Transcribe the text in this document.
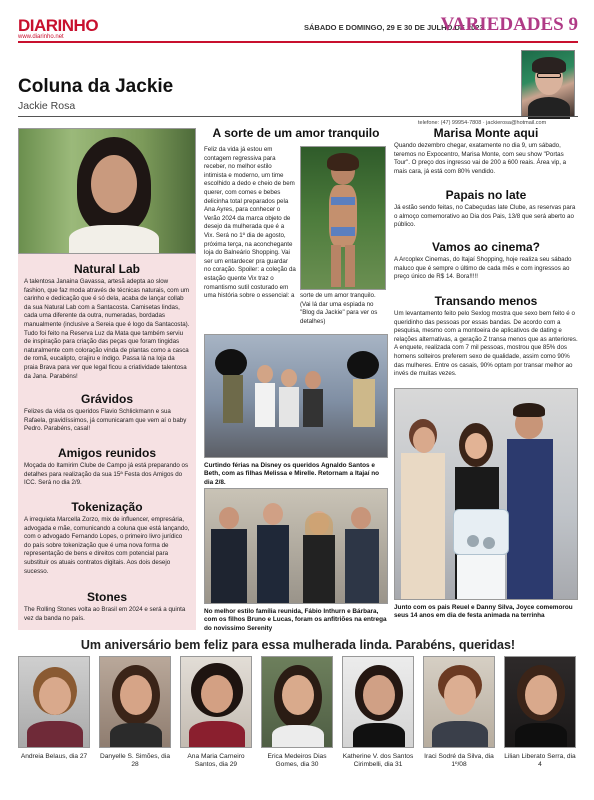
DIARINHO
www.diarinho.net
SÁBADO E DOMINGO, 29 E 30 DE JULHO DE 2023
VARIEDADES 9
Coluna da Jackie
Jackie Rosa
telefone: (47) 99954-7808 · jackierosa@hotmail.com
Natural Lab
A talentosa Janaina Gavassa, artesã adepta ao slow fashion, que faz moda através de técnicas naturais, com um carinho e dedicação que é só dela, acaba de lançar collab da sua Natural Lab com a Santacosta. Camisetas lindas, cada uma diferente da outra, numeradas, bordadas manualmente (inclusive a Sereia que é logo da Santacosta). Tudo foi feito na Reserva Luz da Mata que também serviu de inspiração para criação das peças que foram tingidas naturalmente com coloração vinda de plantas como a casca de romã, eucalipto, crajiru e índigo. Passa lá na loja da praia Brava para ver que legal ficou a criatividade talentosa da Jana. Parabéns!
Grávidos
Felizes da vida os queridos Flavio Schlickmann e sua Rafaela, gravidíssimos, já comunicaram que vem aí o baby Pedro. Parabéns, casal!
Amigos reunidos
Moçada do Itamirim Clube de Campo já está preparando os detalhes para realização da sua 15ª Festa dos Amigos do ICC. Será no dia 2/9.
Tokenização
A irrequieta Marcella Zorzo, mix de influencer, empresária, advogada e mãe, comunicando a coluna que está lançando, com o advogado Fernando Lopes, o primeiro livro jurídico do país sobre tokenização que é uma nova forma de representação de bens e direitos com potencial para substituir os atuais contratos digitais. Aos dois desejo sucesso.
Stones
The Rolling Stones volta ao Brasil em 2024 e será a quinta vez da banda no país.
A sorte de um amor tranquilo
Feliz da vida já estou em contagem regressiva para receber, no melhor estilo intimista e moderno, um time escolhido a dedo e cheio de bem querer, com comes e bebes delicinha total preparados pela Ana Ayres, para conhecer o Verão 2024 da marca objeto de desejo da mulherada que é a Vix. Será no 1º dia de agosto, próxima terça, na aconchegante loja do Balneário Shopping. Vai ser um entardecer pra guardar no coração. Spoiler: a coleção da estação quente Vix traz o romantismo sutil costurado em uma história sobre o essencial: a sorte de um amor tranquilo. (Vai lá dar uma espiada no "Blog da Jackie" para ver os detalhes)
Curtindo férias na Disney os queridos Agnaldo Santos e Beth, com as filhas Melissa e Mirelle. Retornam a Itajaí no dia 2/8.
No melhor estilo família reunida, Fábio Inthurn e Bárbara, com os filhos Bruno e Lucas, foram os anfitriões na entrega do novissimo Serenity
Marisa Monte aqui
Quando dezembro chegar, exatamente no dia 9, um sábado, teremos no Expocentro, Marisa Monte, com seu show "Portas Tour". O preço dos ingresso vai de 200 a 600 reais. Área vip, a mais cara, já está com 80% vendido.
Papais no late
Já estão sendo feitas, no Cabeçudas Iate Clube, as reservas para o almoço comemorativo ao Dia dos Pais, 13/8 que será aberto ao público.
Vamos ao cinema?
A Arcoplex Cinemas, do Itajaí Shopping, hoje realiza seu sábado maluco que é sempre o último de cada mês e com ingressos ao preço único de R$ 14. Bora!!!!!
Transando menos
Um levantamento feito pelo Sexlog mostra que sexo bem feito é o queridinho das pessoas por essas bandas. De acordo com a pesquisa, mesmo com a montoeira de aplicativos de dating e relações alternativas, a geração Z transa menos que as anteriores. A enquete, realizada com 7 mil pessoas, mostrou que 85% dos homens solteiros preferem sexo de qualidade, assim como 90% das mulheres. Entre os casais, 90% optam por transar melhor ao invés de muitas vezes.
Junto com os pais Reuel e Danny Silva, Joyce comemorou seus 14 anos em dia de festa animada na terrinha
Um aniversário bem feliz para essa mulherada linda. Parabéns, queridas!
Andreia Belaus, dia 27	Danyelle S. Simões, dia 28
Ana Maria Carneiro Santos, dia 29
Erica Medeiros Dias Gomes, dia 30
Katherine V. dos Santos Cirimbelli, dia 31
Iraci Sodré da Silva, dia 1º/08
Lilian Liberato Serra, dia 4
